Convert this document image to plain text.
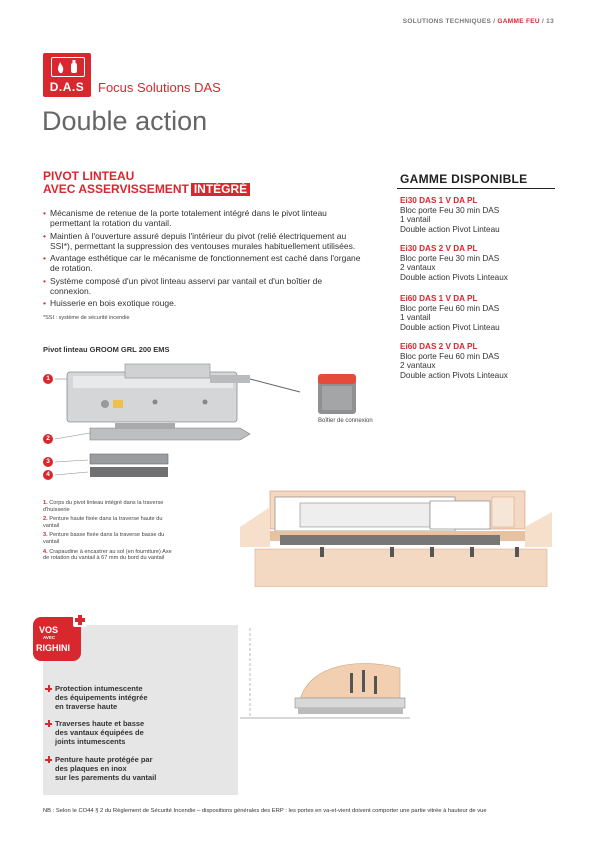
SOLUTIONS TECHNIQUES / GAMME FEU / 13
D.A.S	Focus Solutions DAS
Double action
PIVOT LINTEAU
AVEC ASSERVISSEMENT INTÉGRÉ
• Mécanisme de retenue de la porte totalement intégré dans le pivot linteau permettant la rotation du vantail.
• Maintien à l'ouverture assuré depuis l'intérieur du pivot (relié électriquement au SSI*), permettant la suppression des ventouses murales habituellement utilisées.
• Avantage esthétique car le mécanisme de fonctionnement est caché dans l'organe de rotation.
• Système composé d'un pivot linteau asservi par vantail et d'un boîtier de connexion.
• Huisserie en bois exotique rouge.
*SSI : système de sécurité incendie
GAMME DISPONIBLE
Ei30 DAS 1 V DA PL
Bloc porte Feu 30 min DAS
1 vantail
Double action Pivot Linteau
Ei30 DAS 2 V DA PL
Bloc porte Feu 30 min DAS
2 vantaux
Double action Pivots Linteaux
Ei60 DAS 1 V DA PL
Bloc porte Feu 60 min DAS
1 vantail
Double action Pivot Linteau
Ei60 DAS 2 V DA PL
Bloc porte Feu 60 min DAS
2 vantaux
Double action Pivots Linteaux
Pivot linteau GROOM GRL 200 EMS
1
2
3
4
Boîtier de connexion
1. Corps du pivot linteau intégré dans la traverse d'huisserie
2. Penture haute fixée dans la traverse haute du vantail
3. Penture basse fixée dans la traverse basse du vantail
4. Crapaudine à encastrer au sol (en fourniture) Axe de rotation du vantail à 67 mm du bord du vantail
VOS
AVEC
RIGHINI
Protection intumescente
des équipements intégrée
en traverse haute
Traverses haute et basse
des vantaux équipées de
joints intumescents
Penture haute protégée par
des plaques en inox
sur les parements du vantail
NB : Selon le CO44 § 2 du Règlement de Sécurité Incendie – dispositions générales des ERP : les portes en va-et-vient doivent comporter une partie vitrée à hauteur de vue
